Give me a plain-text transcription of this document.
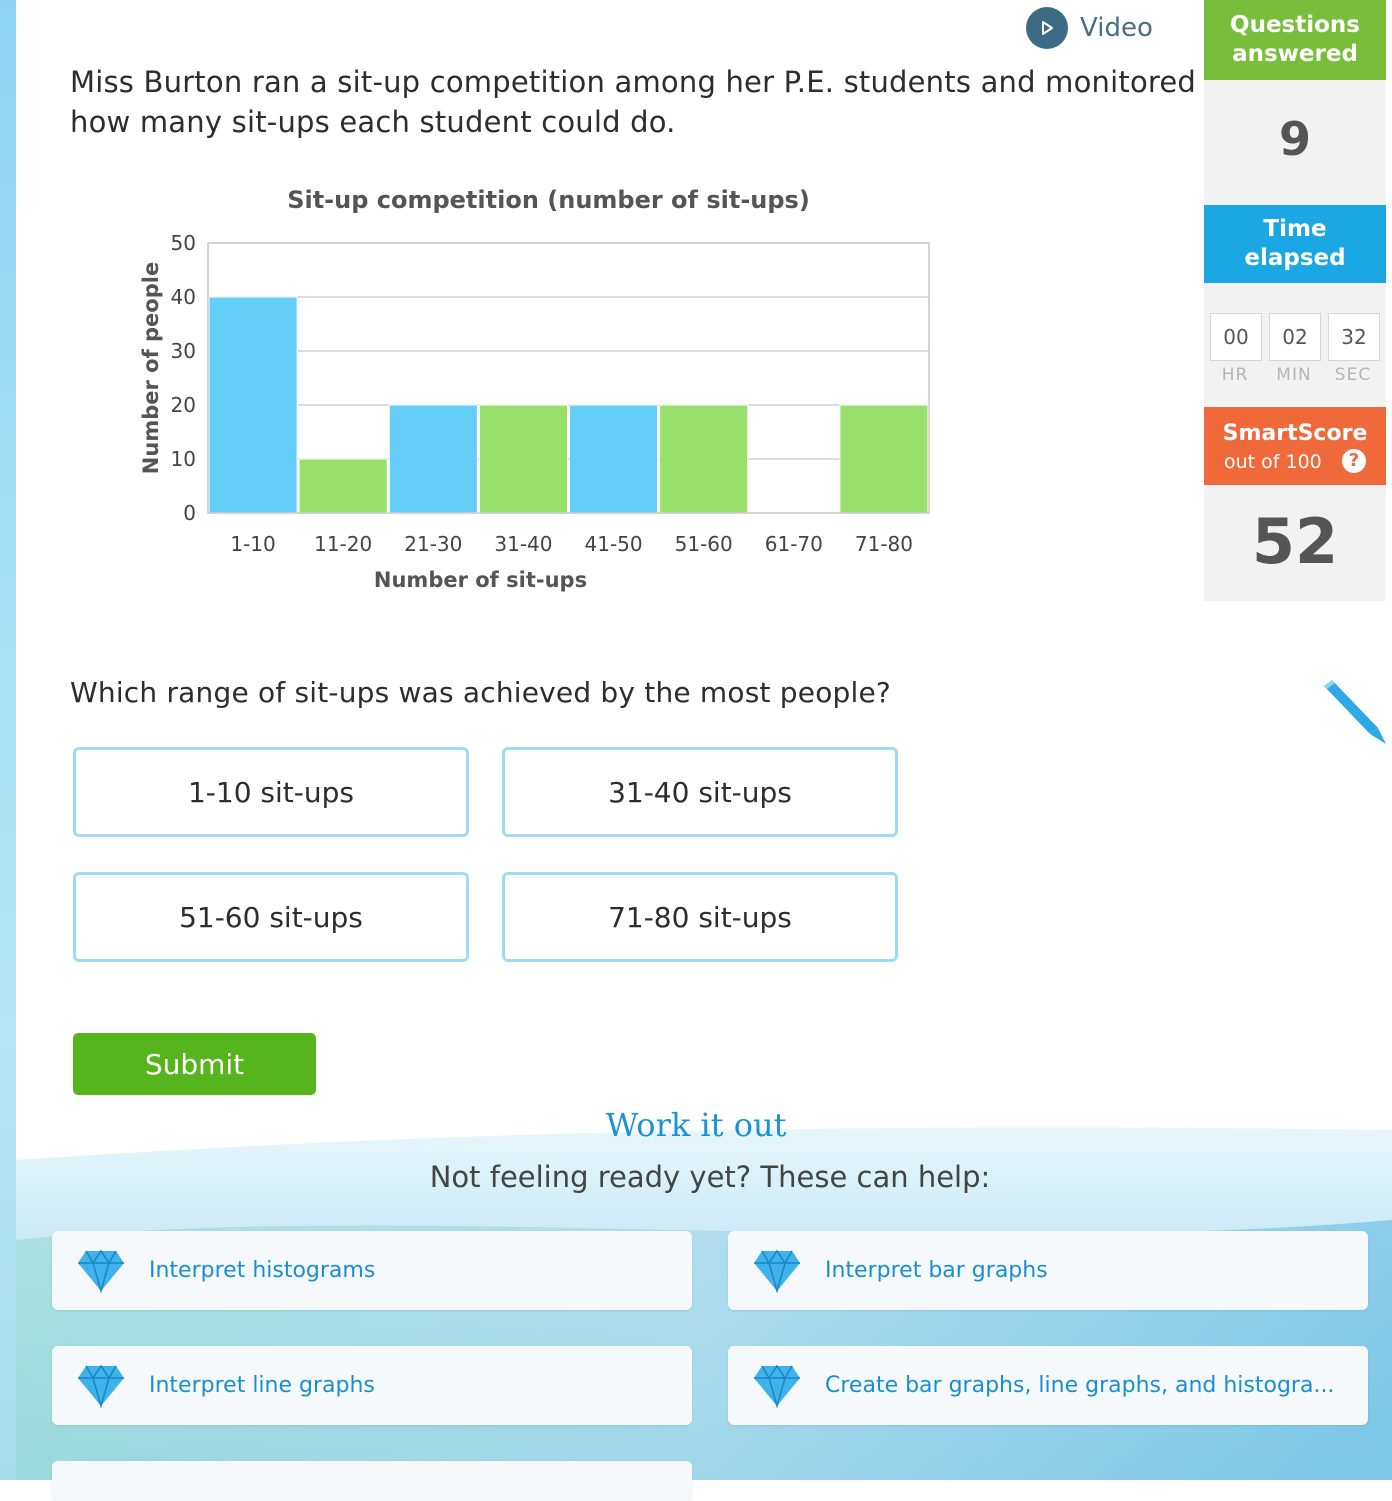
Video
Miss Burton ran a sit-up competition among her P.E. students and monitored how many sit-ups each student could do.
Sit-up competition (number of sit-ups)
0
10
20
30
40
50
1-10 11-20 21-30 31-40 41-50 51-60 61-70 71-80
Number of sit-ups
Number of people
Questions
answered
9
Time
elapsed
00	02	32
HR	MIN	SEC
SmartScore
out of 100	?
52
Which range of sit-ups was achieved by the most people?
1-10 sit-ups	31-40 sit-ups
51-60 sit-ups	71-80 sit-ups
Submit
Work it out
Not feeling ready yet? These can help:
Interpret histograms	Interpret bar graphs
Interpret line graphs	Create bar graphs, line graphs, and histogra...
